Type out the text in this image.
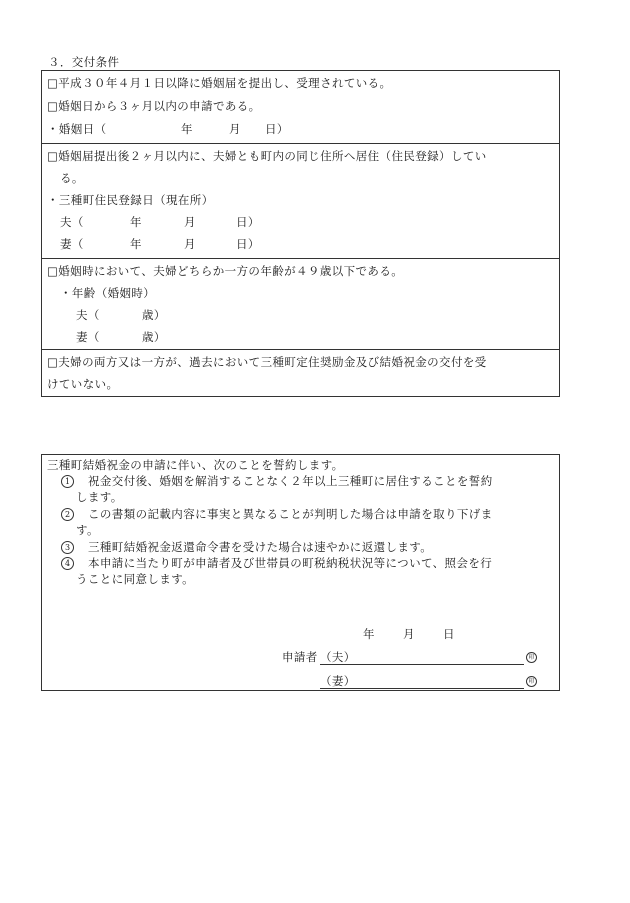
３．交付条件
□平成３０年４月１日以降に婚姻届を提出し、受理されている。
□婚姻日から３ヶ月以内の申請である。
・婚姻日（	年	月 日）
□婚姻届提出後２ヶ月以内に、夫婦とも町内の同じ住所へ居住（住民登録）してい
る。
・三種町住民登録日（現在所）
夫（	年	月	日）
妻（	年	月	日）
□婚姻時において、夫婦どちらか一方の年齢が４９歳以下である。
・年齢（婚姻時）
夫（	歳）
妻（	歳）
□夫婦の両方又は一方が、過去において三種町定住奨励金及び結婚祝金の交付を受
けていない。
三種町結婚祝金の申請に伴い、次のことを誓約します。
1	祝金交付後、婚姻を解消することなく２年以上三種町に居住することを誓約
します。
2	この書類の記載内容に事実と異なることが判明した場合は申請を取り下げま
す。
3	三種町結婚祝金返還命令書を受けた場合は速やかに返還します。
4	本申請に当たり町が申請者及び世帯員の町税納税状況等について、照会を行
うことに同意します。
年 月 日
申請者 （夫）	印
（妻）	印
